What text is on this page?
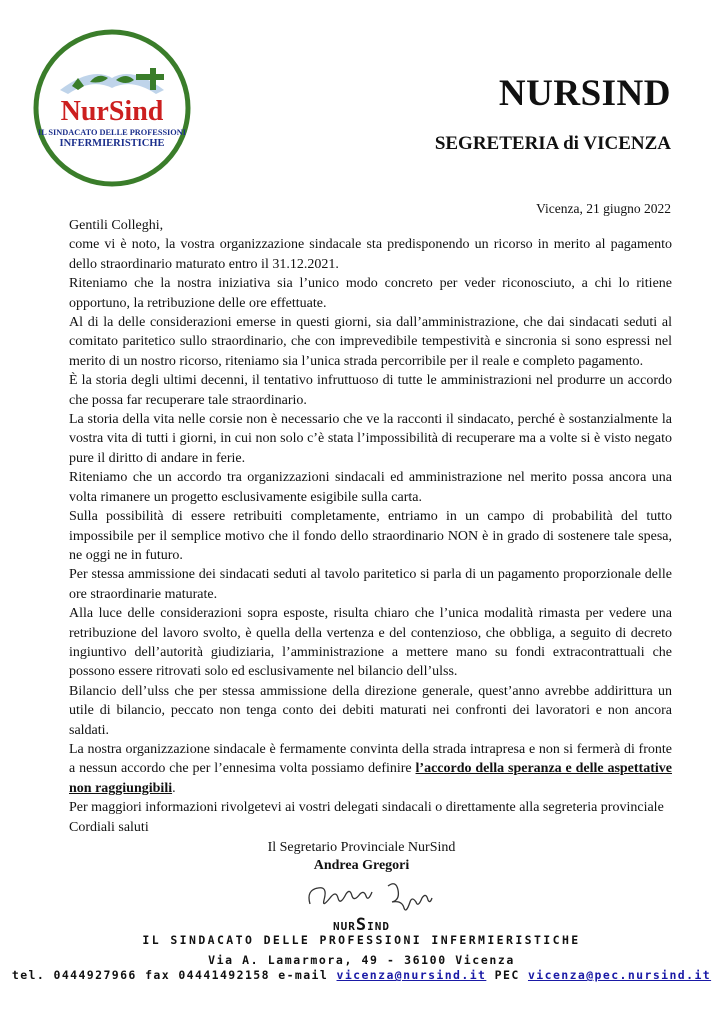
NurSind
IL SINDACATO DELLE PROFESSIONI
INFERMIERISTICHE
NURSIND
SEGRETERIA di VICENZA
Vicenza, 21 giugno 2022

Gentili Colleghi,

come vi è noto, la vostra organizzazione sindacale sta predisponendo un ricorso in merito al pagamento dello straordinario maturato entro il 31.12.2021.

Riteniamo che la nostra iniziativa sia l’unico modo concreto per veder riconosciuto, a chi lo ritiene opportuno, la retribuzione delle ore effettuate.

Al di la delle considerazioni emerse in questi giorni, sia dall’amministrazione, che dai sindacati seduti al comitato paritetico sullo straordinario, che con imprevedibile tempestività e sincronia si sono espressi nel merito di un nostro ricorso, riteniamo sia l’unica strada percorribile per il reale e completo pagamento.

È la storia degli ultimi decenni, il tentativo infruttuoso di tutte le amministrazioni nel produrre un accordo che possa far recuperare tale straordinario.

La storia della vita nelle corsie non è necessario che ve la racconti il sindacato, perché è sostanzialmente la vostra vita di tutti i giorni, in cui non solo c’è stata l’impossibilità di recuperare ma a volte si è visto negato pure il diritto di andare in ferie.

Riteniamo che un accordo tra organizzazioni sindacali ed amministrazione nel merito possa ancora una volta rimanere un progetto esclusivamente esigibile sulla carta.

Sulla possibilità di essere retribuiti completamente, entriamo in un campo di probabilità del tutto impossibile per il semplice motivo che il fondo dello straordinario NON è in grado di sostenere tale spesa, ne oggi ne in futuro.

Per stessa ammissione dei sindacati seduti al tavolo paritetico si parla di un pagamento proporzionale delle ore straordinarie maturate.

Alla luce delle considerazioni sopra esposte, risulta chiaro che l’unica modalità rimasta per vedere una retribuzione del lavoro svolto, è quella della vertenza e del contenzioso, che obbliga, a seguito di decreto ingiuntivo dell’autorità giudiziaria, l’amministrazione a mettere mano su fondi extracontrattuali che possono essere ritrovati solo ed esclusivamente nel bilancio dell’ulss.

Bilancio dell’ulss che per stessa ammissione della direzione generale, quest’anno avrebbe addirittura un utile di bilancio, peccato non tenga conto dei debiti maturati nei confronti dei lavoratori e non ancora saldati.

La nostra organizzazione sindacale è fermamente convinta della strada intrapresa e non si fermerà di fronte a nessun accordo che per l’ennesima volta possiamo definire l’accordo della speranza e delle aspettative non raggiungibili.

Per maggiori informazioni rivolgetevi ai vostri delegati sindacali o direttamente alla segreteria provinciale

Cordiali saluti

Il Segretario Provinciale NurSind
Andrea Gregori
NURSIND
IL SINDACATO DELLE PROFESSIONI INFERMIERISTICHE
Via A. Lamarmora, 49 - 36100 Vicenza
tel. 0444927966 fax 04441492158 e-mail vicenza@nursind.it PEC vicenza@pec.nursind.it
